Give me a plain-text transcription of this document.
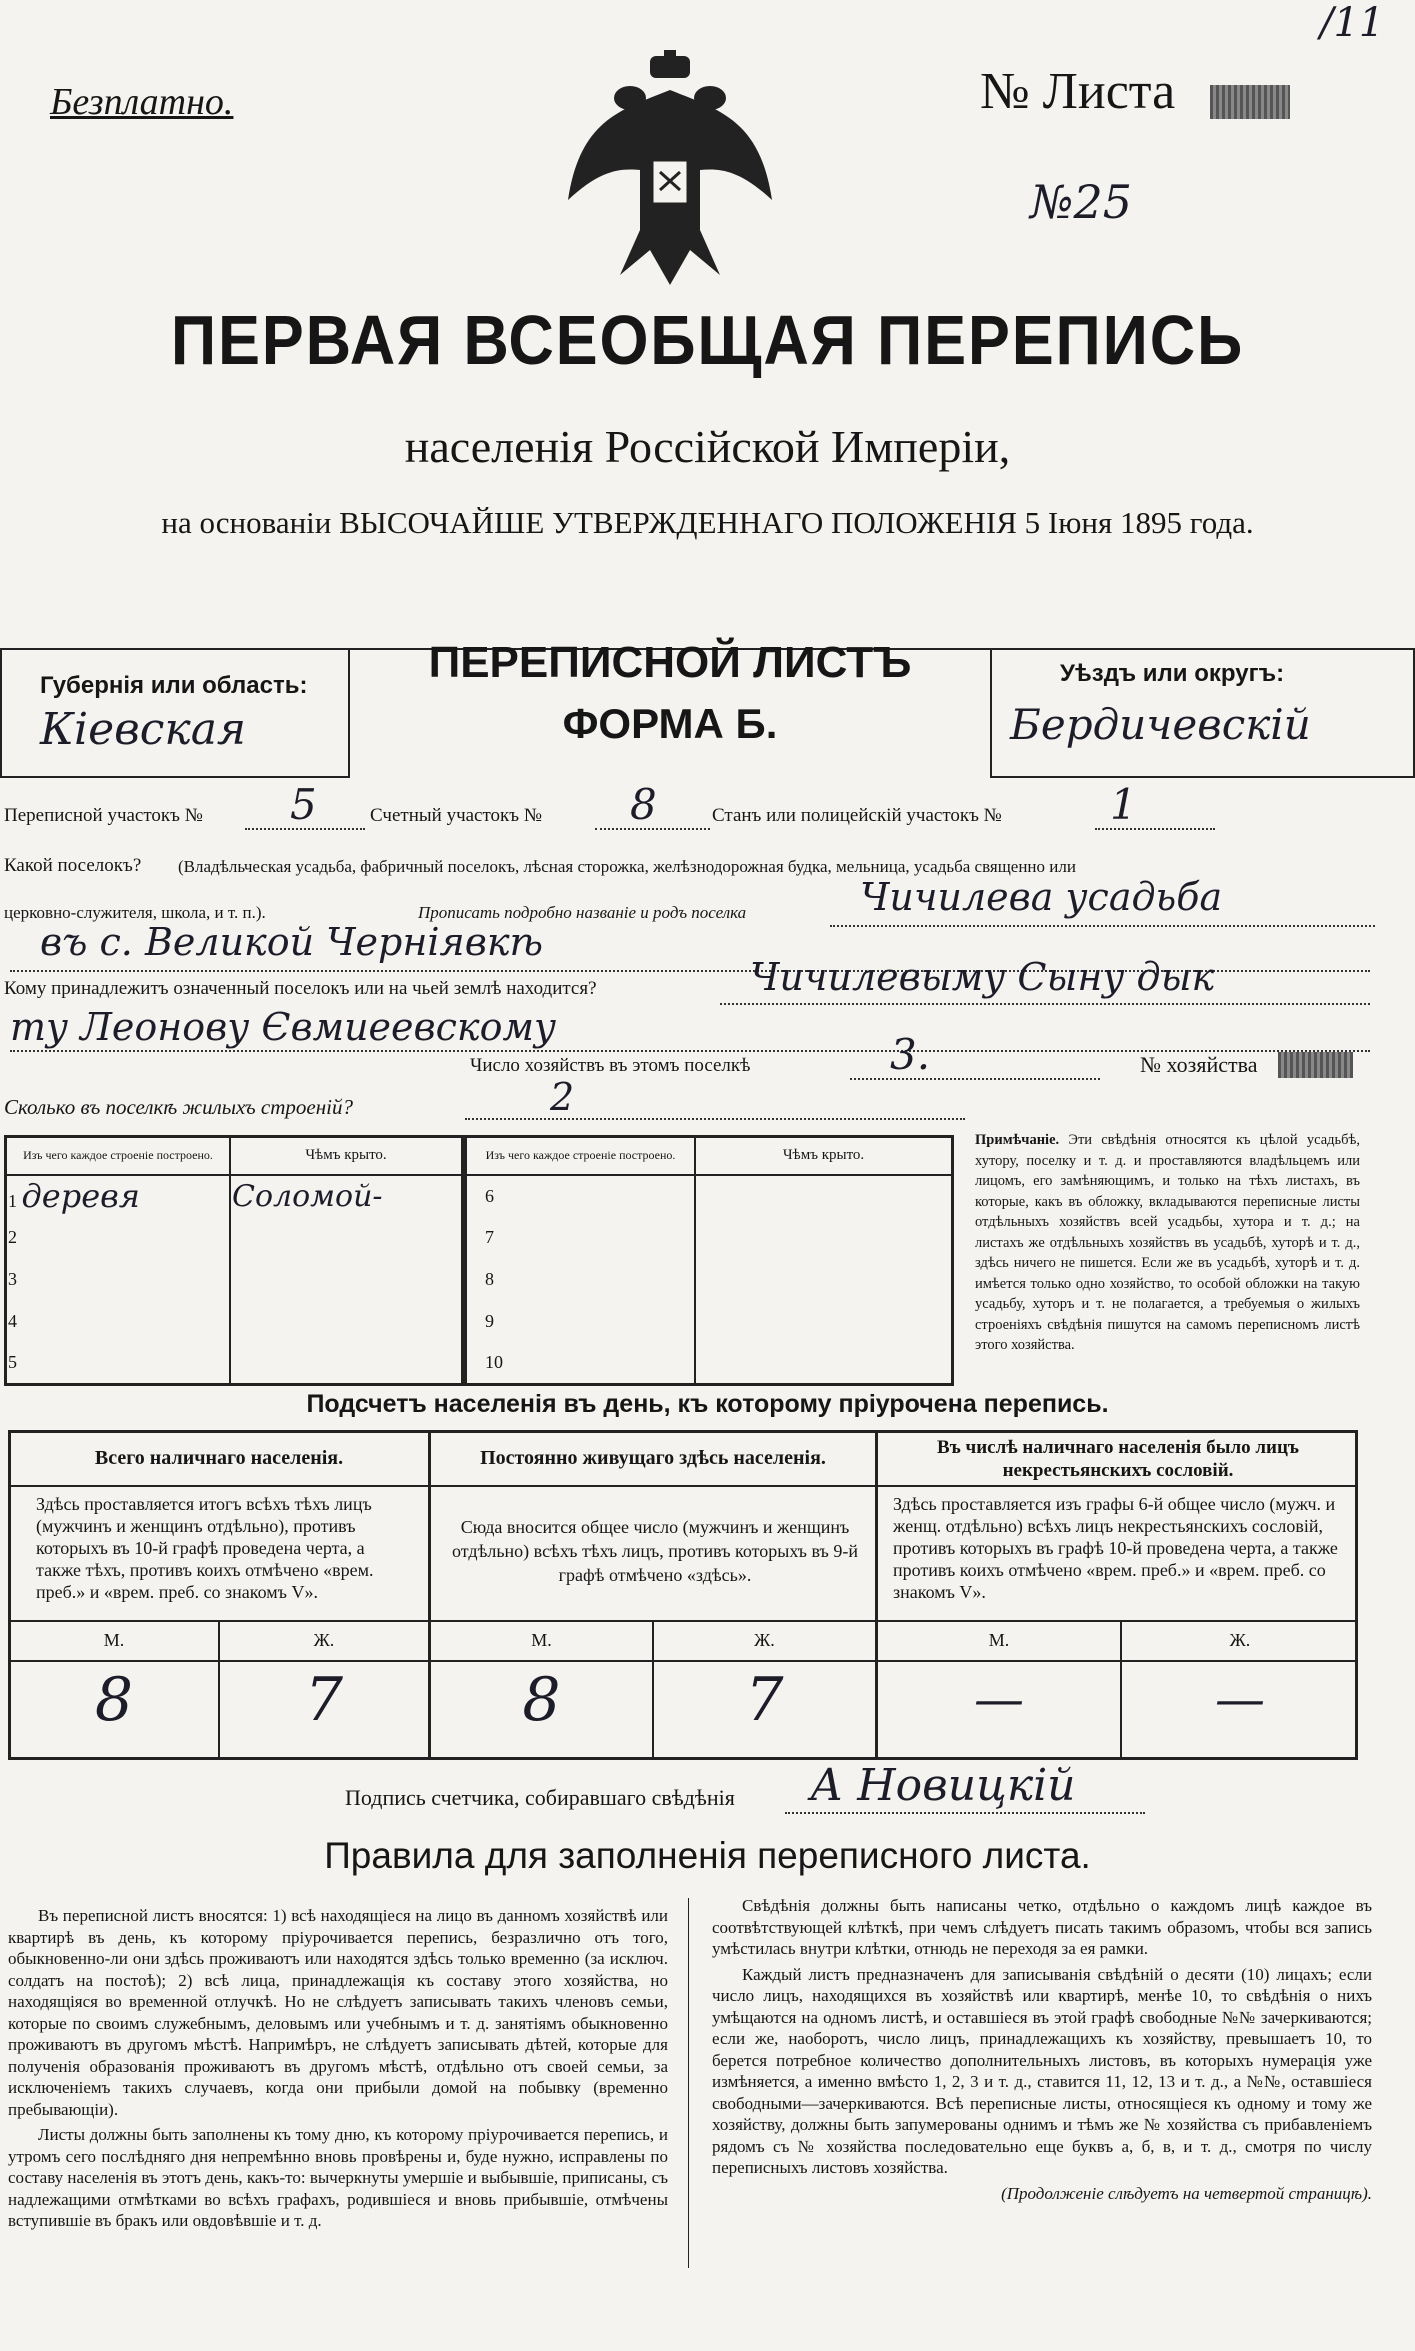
/11
Безплатно.	№ Листа
№25
ПЕРВАЯ ВСЕОБЩАЯ ПЕРЕПИСЬ
населенія Россійской Имперіи,
на основаніи ВЫСОЧАЙШЕ УТВЕРЖДЕННАГО ПОЛОЖЕНІЯ 5 Іюня 1895 года.
Губернія или область:
Кіевская
ПЕРЕПИСНОЙ ЛИСТЪ
ФОРМА Б.
Уѣздъ или округъ:
Бердичевскій
Переписной участокъ № 5	Счетный участокъ № 8	Станъ или полицейскій участокъ №	1
Какой поселокъ? (Владѣльческая усадьба, фабричный поселокъ, лѣсная сторожка, желѣзнодорожная будка, мельница, усадьба священно или
церковно-служителя, школа, и т. п.).	Прописать подробно названіе и родъ поселка	Чичилева усадьба
въ с. Великой Черніявкѣ
Кому принадлежитъ означенный поселокъ или на чьей землѣ находится?	Чичилевыму Сыну дык
ту Леонову Євмиеевскому
Число хозяйствъ въ этомъ поселкѣ	3.	№ хозяйства
Сколько въ поселкѣ жилыхъ строеній?	2
Изъ чего каждое строеніе построено.	Чѣмъ крыто.
1 деревя	Соломой-
2	
3	
4	
5	
Изъ чего каждое строеніе построено.	Чѣмъ крыто.
6	
7	
8	
9	
10	
Примѣчаніе. Эти свѣдѣнія относятся къ цѣлой усадьбѣ, хутору, поселку и т. д. и проставляются владѣльцемъ или лицомъ, его замѣняющимъ, и только на тѣхъ листахъ, въ которые, какъ въ обложку, вкладываются переписные листы отдѣльныхъ хозяйствъ всей усадьбы, хутора и т. д.; на листахъ же отдѣльныхъ хозяйствъ въ усадьбѣ, хуторѣ и т. д., здѣсь ничего не пишется. Если же въ усадьбѣ, хуторѣ и т. д. имѣется только одно хозяйство, то особой обложки на такую усадьбу, хуторъ и т. не полагается, а требуемыя о жилыхъ строеніяхъ свѣдѣнія пишутся на самомъ переписномъ листѣ этого хозяйства.
Подсчетъ населенія въ день, къ которому пріурочена перепись.
Всего наличнаго населенія.	Постоянно живущаго здѣсь населенія.	Въ числѣ наличнаго населенія было лицъ некрестьянскихъ сословій.
Здѣсь проставляется итогъ всѣхъ тѣхъ лицъ (мужчинъ и женщинъ отдѣльно), противъ которыхъ въ 10-й графѣ проведена черта, а также тѣхъ, противъ коихъ отмѣчено «врем. преб.» и «врем. преб. со знакомъ V».
Сюда вносится общее число (мужчинъ и женщинъ отдѣльно) всѣхъ тѣхъ лицъ, противъ которыхъ въ 9-й графѣ отмѣчено «здѣсь».
Здѣсь проставляется изъ графы 6-й общее число (мужч. и женщ. отдѣльно) всѣхъ лицъ некрестьянскихъ сословій, противъ которыхъ въ графѣ 10-й проведена черта, а также противъ коихъ отмѣчено «врем. преб.» и «врем. преб. со знакомъ V».
М.	Ж.	М.	Ж.	М.	Ж.
8	7	8	7	—	—
Подпись счетчика, собиравшаго свѣдѣнія А Новицкій
Правила для заполненія переписного листа.

Въ переписной листъ вносятся: 1) всѣ находящіеся на лицо въ данномъ хозяйствѣ или квартирѣ въ день, къ которому пріурочивается перепись, безразлично отъ того, обыкновенно-ли они здѣсь проживаютъ или находятся здѣсь только временно (за исключ. солдатъ на постоѣ); 2) всѣ лица, принадлежащія къ составу этого хозяйства, но находящіяся во временной отлучкѣ. Но не слѣдуетъ записывать такихъ членовъ семьи, которые по своимъ служебнымъ, деловымъ или учебнымъ и т. д. занятіямъ обыкновенно проживаютъ въ другомъ мѣстѣ. Напримѣръ, не слѣдуетъ записывать дѣтей, которые для полученія образованія проживаютъ въ другомъ мѣстѣ, отдѣльно отъ своей семьи, за исключеніемъ такихъ случаевъ, когда они прибыли домой на побывку (временно пребывающіи).

Листы должны быть заполнены къ тому дню, къ которому пріурочивается перепись, и утромъ сего послѣдняго дня непремѣнно вновь провѣрены и, буде нужно, исправлены по составу населенія въ этотъ день, какъ-то: вычеркнуты умершіе и выбывшіе, приписаны, съ надлежащими отмѣтками во всѣхъ графахъ, родившіеся и вновь прибывшіе, отмѣчены вступившіе въ бракъ или овдовѣвшіе и т. д.

Свѣдѣнія должны быть написаны четко, отдѣльно о каждомъ лицѣ каждое въ соотвѣтствующей клѣткѣ, при чемъ слѣдуетъ писать такимъ образомъ, чтобы вся запись умѣстилась внутри клѣтки, отнюдь не переходя за ея рамки.

Каждый листъ предназначенъ для записыванія свѣдѣній о десяти (10) лицахъ; если число лицъ, находящихся въ хозяйствѣ или квартирѣ, менѣе 10, то свѣдѣнія о нихъ умѣщаются на одномъ листѣ, и оставшіеся въ этой графѣ свободные №№ зачеркиваются; если же, наоборотъ, число лицъ, принадлежащихъ къ хозяйству, превышаетъ 10, то берется потребное количество дополнительныхъ листовъ, въ которыхъ нумерація уже измѣняется, а именно вмѣсто 1, 2, 3 и т. д., ставится 11, 12, 13 и т. д., а №№, оставшіеся свободными—зачеркиваются. Всѣ переписные листы, относящіеся къ одному и тому же хозяйству, должны быть запумерованы однимъ и тѣмъ же № хозяйства съ прибавленіемъ рядомъ съ № хозяйства последовательно еще буквъ а, б, в, и т. д., смотря по числу переписныхъ листовъ хозяйства.

(Продолженіе слѣдуетъ на четвертой страницѣ).
